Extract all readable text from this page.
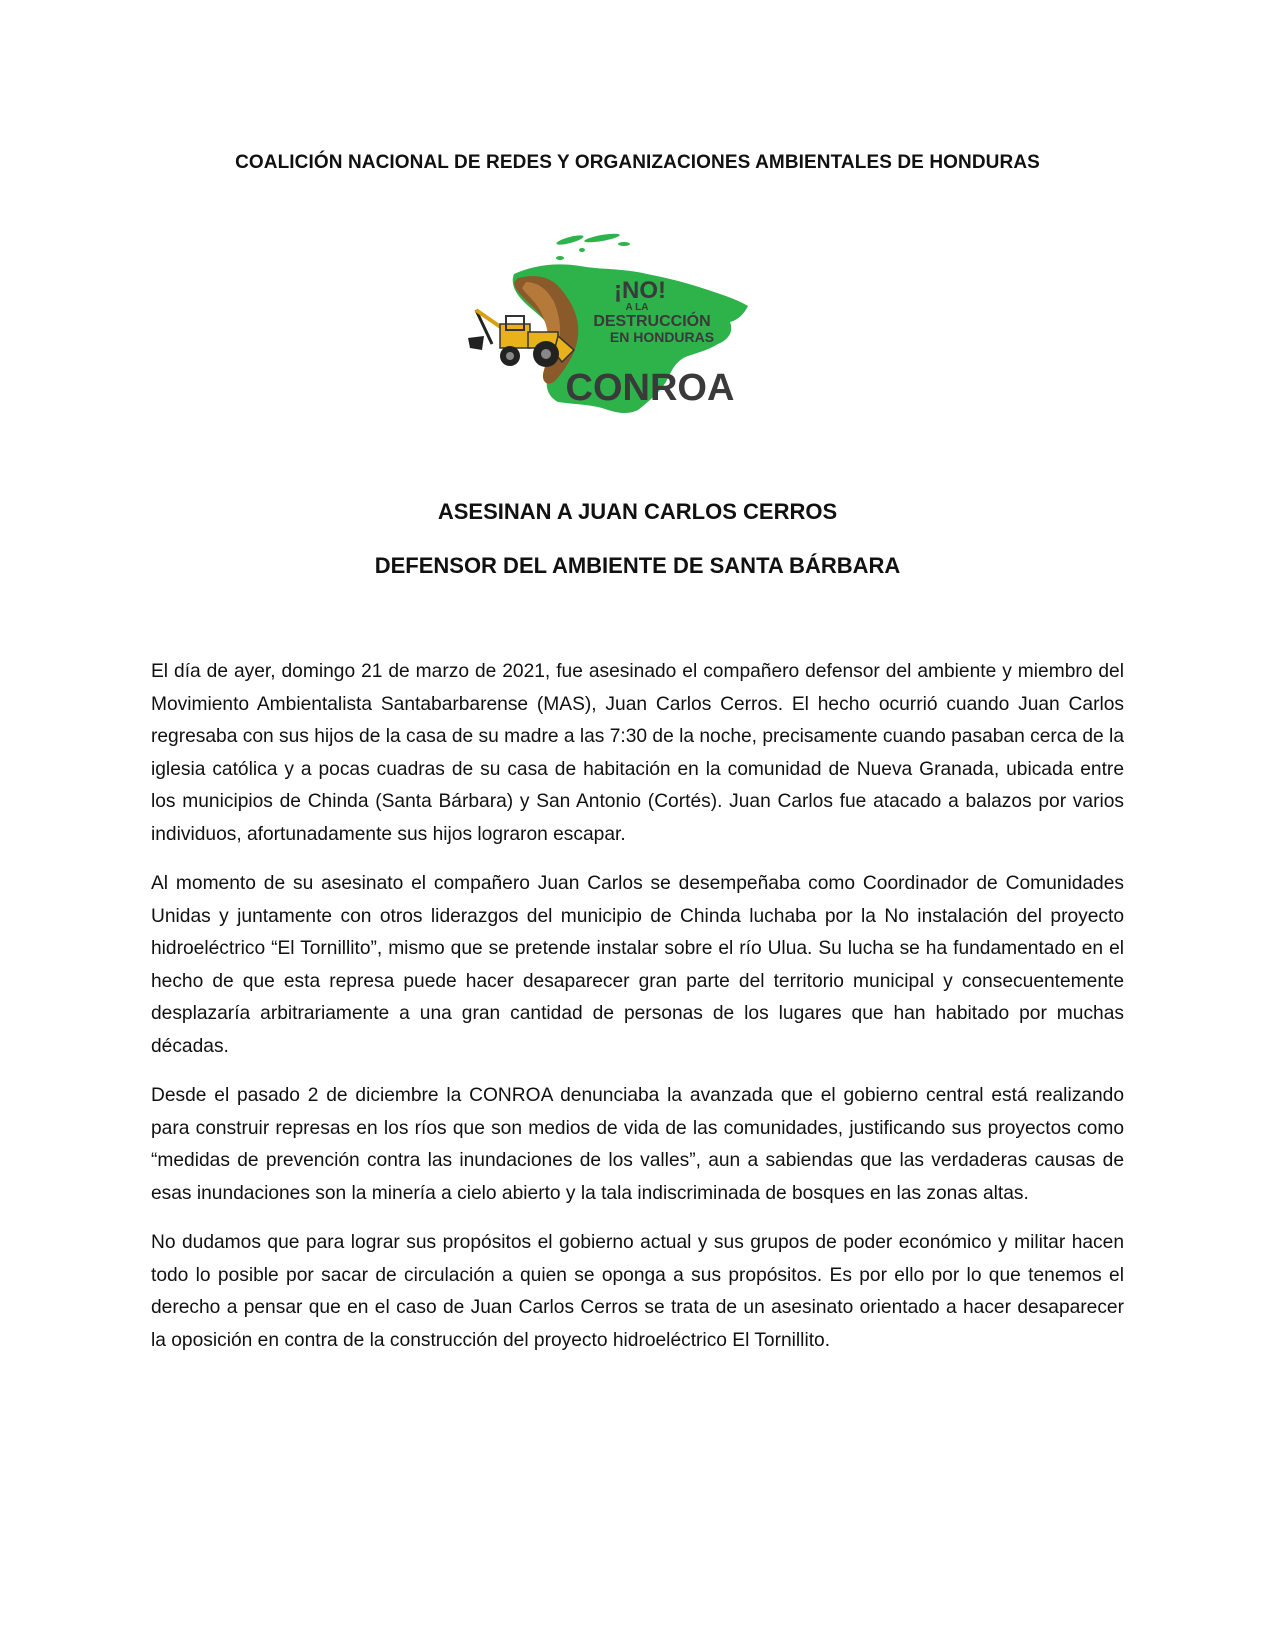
COALICIÓN NACIONAL DE REDES Y ORGANIZACIONES AMBIENTALES DE HONDURAS
¡NO!
A LA
DESTRUCCIÓN
EN HONDURAS
CONROA
ASESINAN A JUAN CARLOS CERROS
DEFENSOR DEL AMBIENTE DE SANTA BÁRBARA

El día de ayer, domingo 21 de marzo de 2021, fue asesinado el compañero defensor del ambiente y miembro del Movimiento Ambientalista Santabarbarense (MAS), Juan Carlos Cerros. El hecho ocurrió cuando Juan Carlos regresaba con sus hijos de la casa de su madre a las 7:30 de la noche, precisamente cuando pasaban cerca de la iglesia católica y a pocas cuadras de su casa de habitación en la comunidad de Nueva Granada, ubicada entre los municipios de Chinda (Santa Bárbara) y San Antonio (Cortés). Juan Carlos fue atacado a balazos por varios individuos, afortunadamente sus hijos lograron escapar.

Al momento de su asesinato el compañero Juan Carlos se desempeñaba como Coordinador de Comunidades Unidas y juntamente con otros liderazgos del municipio de Chinda luchaba por la No instalación del proyecto hidroeléctrico “El Tornillito”, mismo que se pretende instalar sobre el río Ulua. Su lucha se ha fundamentado en el hecho de que esta represa puede hacer desaparecer gran parte del territorio municipal y consecuentemente desplazaría arbitrariamente a una gran cantidad de personas de los lugares que han habitado por muchas décadas.

Desde el pasado 2 de diciembre la CONROA denunciaba la avanzada que el gobierno central está realizando para construir represas en los ríos que son medios de vida de las comunidades, justificando sus proyectos como “medidas de prevención contra las inundaciones de los valles”, aun a sabiendas que las verdaderas causas de esas inundaciones son la minería a cielo abierto y la tala indiscriminada de bosques en las zonas altas.

No dudamos que para lograr sus propósitos el gobierno actual y sus grupos de poder económico y militar hacen todo lo posible por sacar de circulación a quien se oponga a sus propósitos. Es por ello por lo que tenemos el derecho a pensar que en el caso de Juan Carlos Cerros se trata de un asesinato orientado a hacer desaparecer la oposición en contra de la construcción del proyecto hidroeléctrico El Tornillito.
